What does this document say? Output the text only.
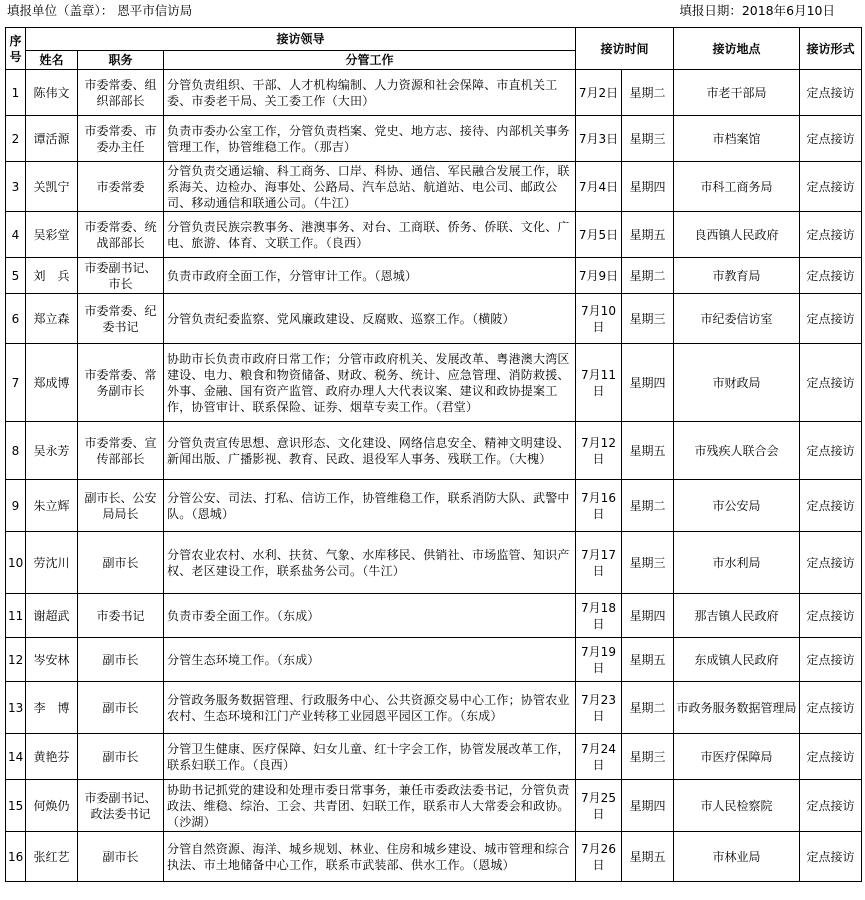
填报单位（盖章）： 恩平市信访局	填报日期：2018年6月10日
序号	接访领导			接访时间		接访地点	接访形式
	姓名	职务	分管工作				
1	陈伟文	市委常委、组织部部长	分管负责组织、干部、人才机构编制、人力资源和社会保障、市直机关工委、市委老干局、关工委工作（大田）	7月2日	星期二	市老干部局	定点接访
2	谭活源	市委常委、市委办主任	负责市委办公室工作，分管负责档案、党史、地方志、接待、内部机关事务管理工作，协管维稳工作。（那吉）	7月3日	星期三	市档案馆	定点接访
3	关凯宁	市委常委	分管负责交通运输、科工商务、口岸、科协、通信、军民融合发展工作，联系海关、边检办、海事处、公路局、汽车总站、航道站、电公司、邮政公司、移动通信和联通公司。（牛江）	7月4日	星期四	市科工商务局	定点接访
4	吴彩堂	市委常委、统战部部长	分管负责民族宗教事务、港澳事务、对台、工商联、侨务、侨联、文化、广电、旅游、体育、文联工作。（良西）	7月5日	星期五	良西镇人民政府	定点接访
5	刘　兵	市委副书记、市长	负责市政府全面工作，分管审计工作。（恩城）	7月9日	星期二	市教育局	定点接访
6	郑立森	市委常委、纪委书记	分管负责纪委监察、党风廉政建设、反腐败、巡察工作。（横陂）	7月10日	星期三	市纪委信访室	定点接访
7	郑成博	市委常委、常务副市长	协助市长负责市政府日常工作；分管市政府机关、发展改革、粤港澳大湾区建设、电力、粮食和物资储备、财政、税务、统计、应急管理、消防救援、外事、金融、国有资产监管、政府办理人大代表议案、建议和政协提案工作，协管审计、联系保险、证券、烟草专卖工作。（君堂）	7月11日	星期四	市财政局	定点接访
8	吴永芳	市委常委、宣传部部长	分管负责宣传思想、意识形态、文化建设、网络信息安全、精神文明建设、新闻出版、广播影视、教育、民政、退役军人事务、残联工作。（大槐）	7月12日	星期五	市残疾人联合会	定点接访
9	朱立辉	副市长、公安局局长	分管公安、司法、打私、信访工作，协管维稳工作，联系消防大队、武警中队。（恩城）	7月16日	星期二	市公安局	定点接访
10	劳沈川	副市长	分管农业农村、水利、扶贫、气象、水库移民、供销社、市场监管、知识产权、老区建设工作，联系盐务公司。（牛江）	7月17日	星期三	市水利局	定点接访
11	谢超武	市委书记	负责市委全面工作。（东成）	7月18日	星期四	那吉镇人民政府	定点接访
12	岑安林	副市长	分管生态环境工作。（东成）	7月19日	星期五	东成镇人民政府	定点接访
13	李　博	副市长	分管政务服务数据管理、行政服务中心、公共资源交易中心工作；协管农业农村、生态环境和江门产业转移工业园恩平园区工作。（东成）	7月23日	星期二	市政务服务数据管理局	定点接访
14	黄艳芬	副市长	分管卫生健康、医疗保障、妇女儿童、红十字会工作，协管发展改革工作，联系妇联工作。（良西）	7月24日	星期三	市医疗保障局	定点接访
15	何焕仍	市委副书记、政法委书记	协助书记抓党的建设和处理市委日常事务，兼任市委政法委书记，分管负责政法、维稳、综治、工会、共青团、妇联工作，联系市人大常委会和政协。（沙湖）	7月25日	星期四	市人民检察院	定点接访
16	张红艺	副市长	分管自然资源、海洋、城乡规划、林业、住房和城乡建设、城市管理和综合执法、市土地储备中心工作，联系市武装部、供水工作。（恩城）	7月26日	星期五	市林业局	定点接访
